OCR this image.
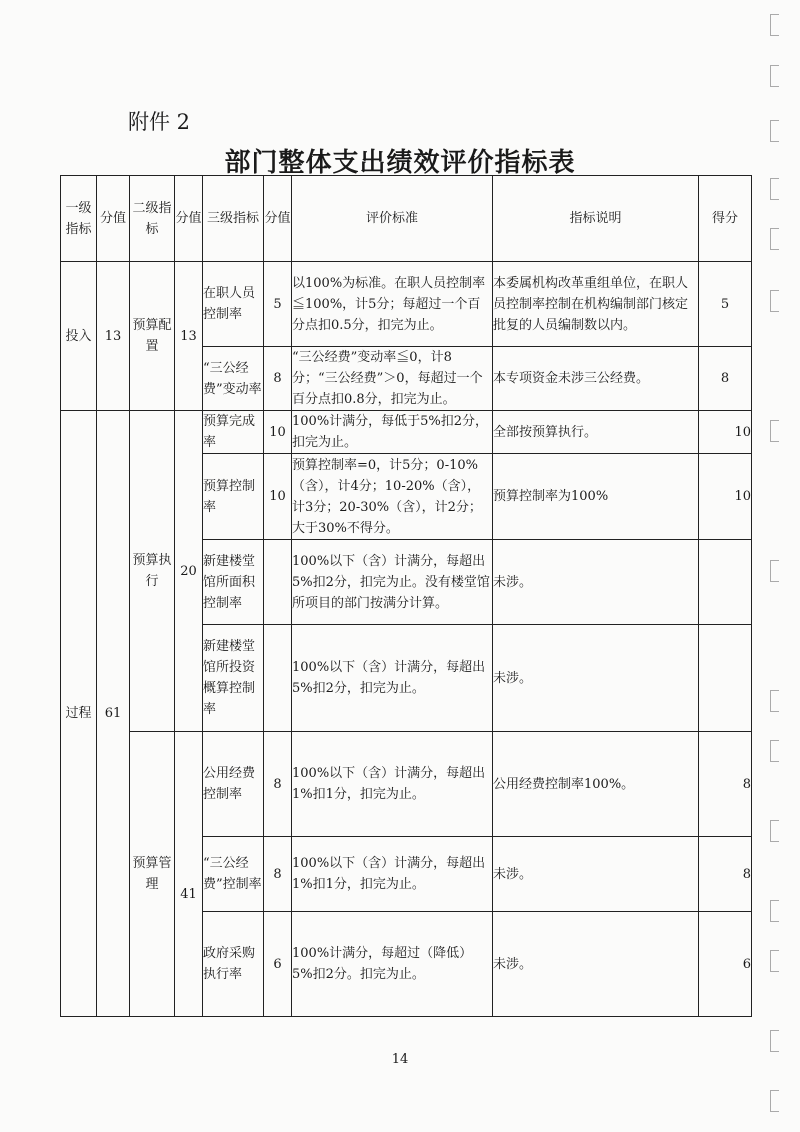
附件 2
部门整体支出绩效评价指标表
一级指标	分值	二级指标	分值	三级指标	分值	评价标准	指标说明	得分
投入	13	预算配置	13	在职人员控制率	5	以100%为标准。在职人员控制率≦100%，计5分；每超过一个百分点扣0.5分，扣完为止。	本委属机构改革重组单位，在职人员控制率控制在机构编制部门核定批复的人员编制数以内。	5
				“三公经费”变动率	8	“三公经费”变动率≦0，计8分；“三公经费”＞0，每超过一个百分点扣0.8分，扣完为止。	本专项资金未涉三公经费。	8
过程	61	预算执行	20	预算完成率	10	100%计满分，每低于5%扣2分，扣完为止。	全部按预算执行。	10
				预算控制率	10	预算控制率=0，计5分；0-10%（含），计4分；10-20%（含），计3分；20-30%（含），计2分；大于30%不得分。	预算控制率为100%	10
				新建楼堂馆所面积控制率		100%以下（含）计满分，每超出5%扣2分，扣完为止。没有楼堂馆所项目的部门按满分计算。	未涉。	
				新建楼堂馆所投资概算控制率		100%以下（含）计满分，每超出5%扣2分，扣完为止。	未涉。	
		预算管理	41	公用经费控制率	8	100%以下（含）计满分，每超出1%扣1分，扣完为止。	公用经费控制率100%。	8
				“三公经费”控制率	8	100%以下（含）计满分，每超出1%扣1分，扣完为止。	未涉。	8
				政府采购执行率	6	100%计满分，每超过（降低）5%扣2分。扣完为止。	未涉。	6
14
